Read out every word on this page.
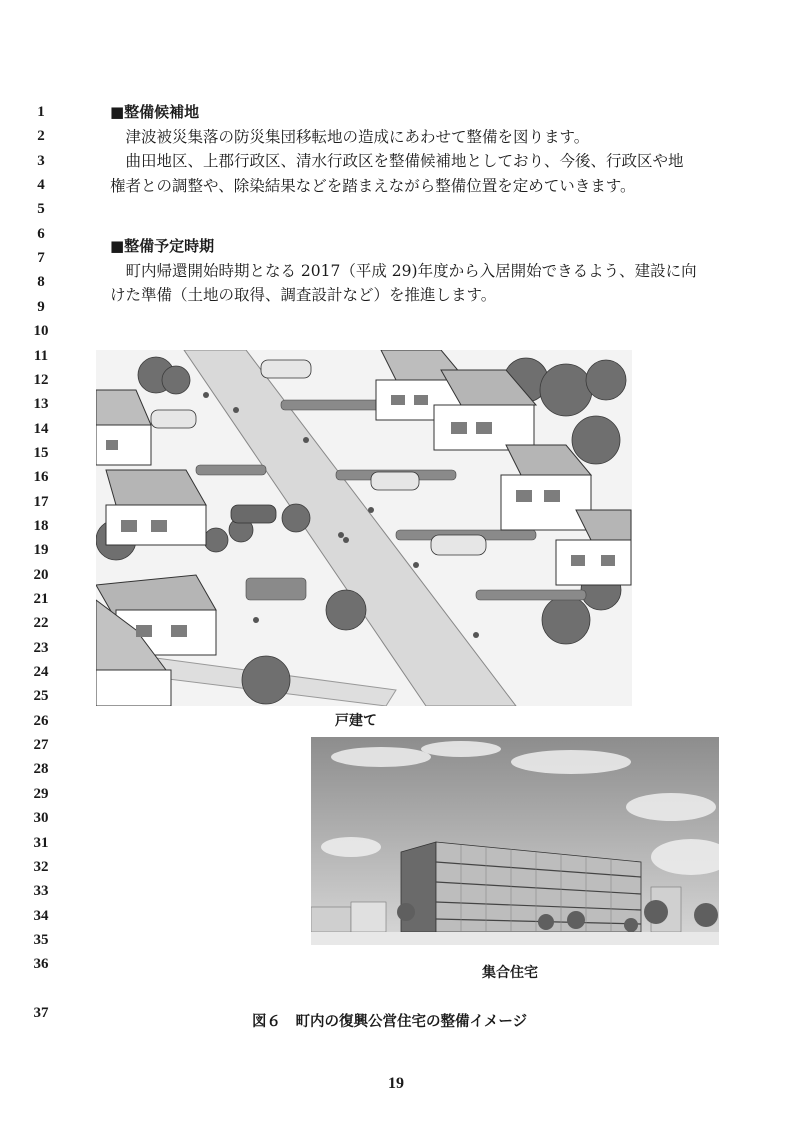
1
2
3
4
5
6
7
8
9
10
11
12
13
14
15
16
17
18
19
20
21
22
23
24
25
26
27
28
29
30
31
32
33
34
35
36
37
■整備候補地

津波被災集落の防災集団移転地の造成にあわせて整備を図ります。

曲田地区、上郡行政区、清水行政区を整備候補地としており、今後、行政区や地

権者との調整や、除染結果などを踏まえながら整備位置を定めていきます。

■整備予定時期

町内帰還開始時期となる 2017（平成 29)年度から入居開始できるよう、建設に向

けた準備（土地の取得、調査設計など）を推進します。

戸建て
集合住宅
図６　町内の復興公営住宅の整備イメージ
19
